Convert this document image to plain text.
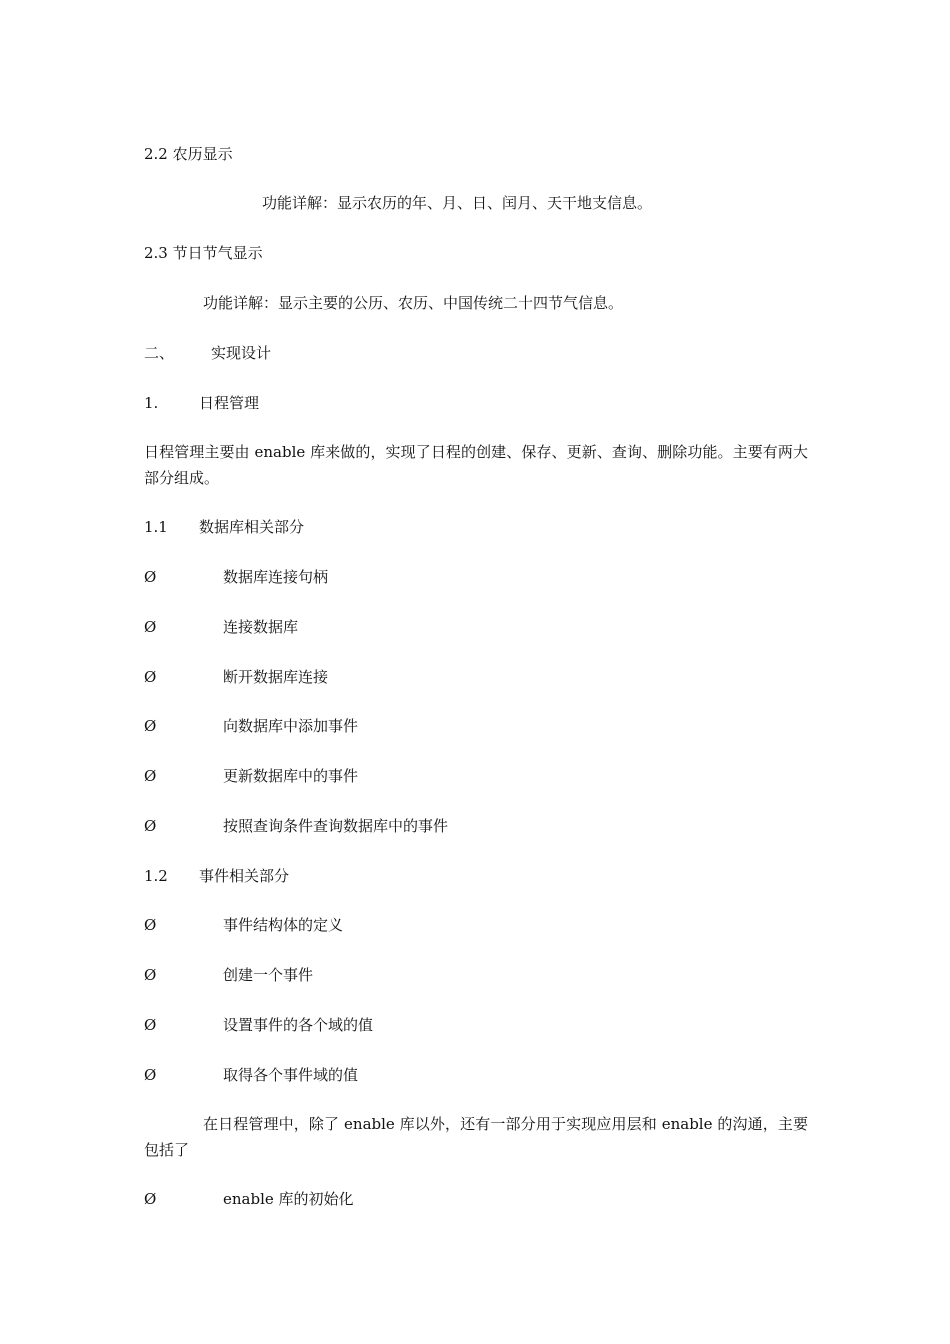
2.2 农历显示
功能详解：显示农历的年、月、日、闰月、天干地支信息。
2.3 节日节气显示
功能详解：显示主要的公历、农历、中国传统二十四节气信息。
二、 实现设计
1.	日程管理
日程管理主要由 enable 库来做的，实现了日程的创建、保存、更新、查询、删除功能。主要有两大部分组成。
1.1 数据库相关部分
Ø	数据库连接句柄
Ø	连接数据库
Ø	断开数据库连接
Ø	向数据库中添加事件
Ø	更新数据库中的事件
Ø	按照查询条件查询数据库中的事件
1.2 事件相关部分
Ø	事件结构体的定义
Ø	创建一个事件
Ø	设置事件的各个域的值
Ø	取得各个事件域的值
在日程管理中，除了 enable 库以外，还有一部分用于实现应用层和 enable 的沟通，主要包括了
Ø	enable 库的初始化
